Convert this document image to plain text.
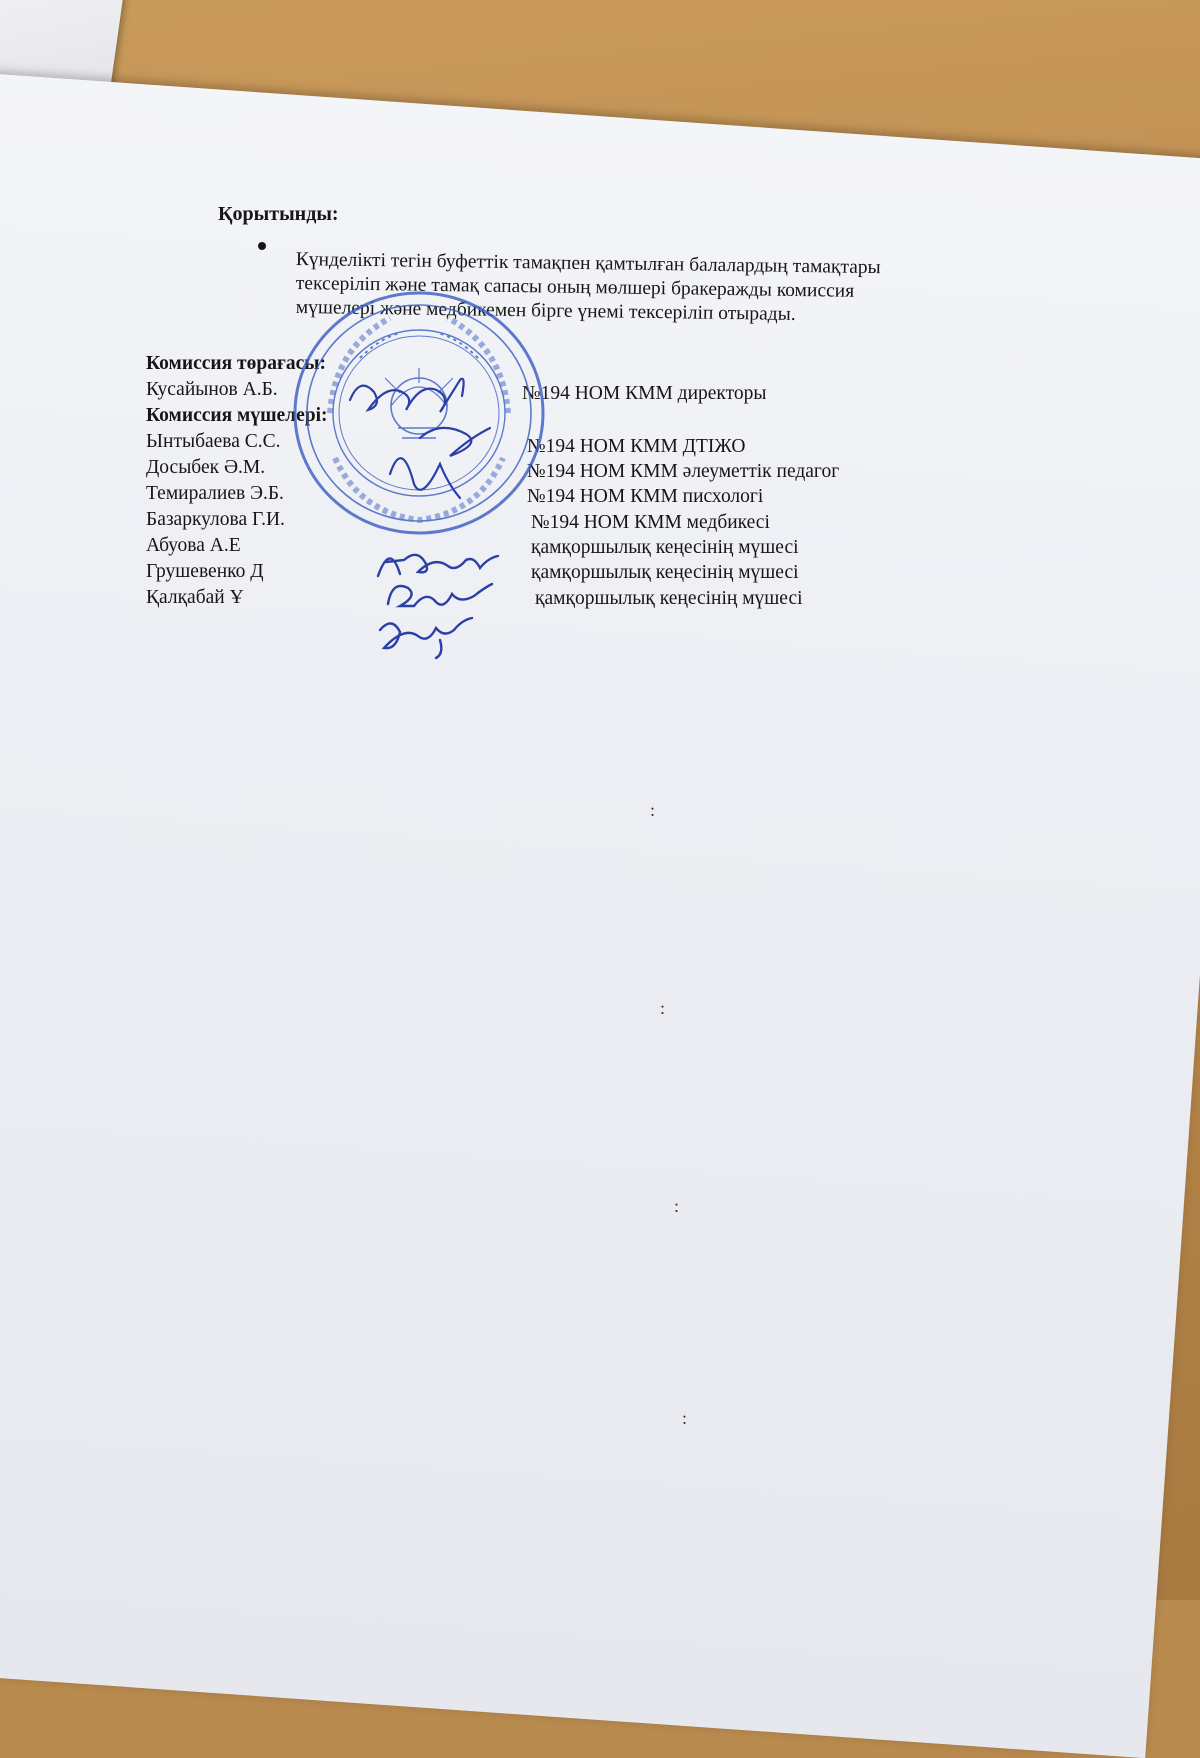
Қорытынды:
Күнделікті тегін буфеттік тамақпен қамтылған балалардың тамақтары
тексеріліп және тамақ сапасы оның мөлшері бракеражды комиссия
мүшелері және медбикемен бірге үнемі тексеріліп отырады.
Комиссия төрағасы:
Кусайынов А.Б.	№194 НОМ КММ директоры
Комиссия мүшелері:
Ынтыбаева С.С.	№194 НОМ КММ ДТІЖО
Досыбек Ә.М.	№194 НОМ КММ әлеуметтік педагог
Темиралиев Э.Б.	№194 НОМ КММ писхологі
Базаркулова Г.И.	№194 НОМ КММ медбикесі
Абуова А.Е	қамқоршылық кеңесінің мүшесі
Грушевенко Д	қамқоршылық кеңесінің мүшесі
Қалқабай Ұ	қамқоршылық кеңесінің мүшесі
:
:
:
:
